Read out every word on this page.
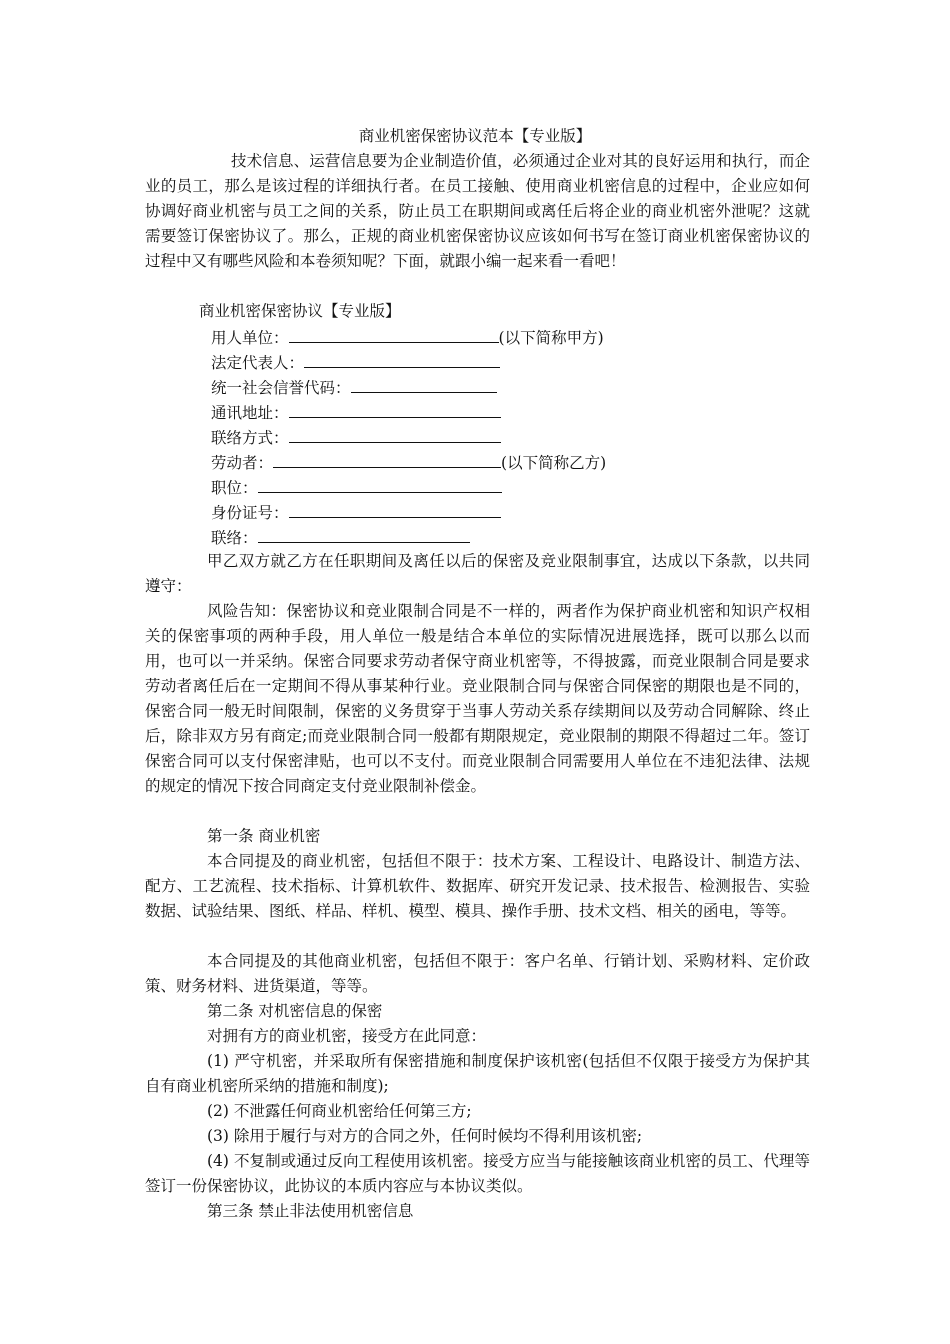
商业机密保密协议范本【专业版】
技术信息、运营信息要为企业制造价值，必须通过企业对其的良好运用和执行，而企业的员工，那么是该过程的详细执行者。在员工接触、使用商业机密信息的过程中，企业应如何协调好商业机密与员工之间的关系，防止员工在职期间或离任后将企业的商业机密外泄呢？这就需要签订保密协议了。那么，正规的商业机密保密协议应该如何书写在签订商业机密保密协议的过程中又有哪些风险和本卷须知呢？下面，就跟小编一起来看一看吧！
商业机密保密协议【专业版】
用人单位：	(以下简称甲方)
法定代表人：
统一社会信誉代码：
通讯地址：
联络方式：
劳动者：	(以下简称乙方)
职位：
身份证号：
联络：
甲乙双方就乙方在任职期间及离任以后的保密及竞业限制事宜，达成以下条款，以共同遵守：
风险告知：保密协议和竞业限制合同是不一样的，两者作为保护商业机密和知识产权相关的保密事项的两种手段，用人单位一般是结合本单位的实际情况进展选择，既可以那么以而用，也可以一并采纳。保密合同要求劳动者保守商业机密等，不得披露，而竞业限制合同是要求劳动者离任后在一定期间不得从事某种行业。竞业限制合同与保密合同保密的期限也是不同的，保密合同一般无时间限制，保密的义务贯穿于当事人劳动关系存续期间以及劳动合同解除、终止后，除非双方另有商定;而竞业限制合同一般都有期限规定，竞业限制的期限不得超过二年。签订保密合同可以支付保密津贴，也可以不支付。而竞业限制合同需要用人单位在不违犯法律、法规的规定的情况下按合同商定支付竞业限制补偿金。
第一条 商业机密
本合同提及的商业机密，包括但不限于：技术方案、工程设计、电路设计、制造方法、配方、工艺流程、技术指标、计算机软件、数据库、研究开发记录、技术报告、检测报告、实验数据、试验结果、图纸、样品、样机、模型、模具、操作手册、技术文档、相关的函电，等等。
本合同提及的其他商业机密，包括但不限于：客户名单、行销计划、采购材料、定价政策、财务材料、进货渠道，等等。
第二条 对机密信息的保密
对拥有方的商业机密，接受方在此同意：
(1) 严守机密，并采取所有保密措施和制度保护该机密(包括但不仅限于接受方为保护其自有商业机密所采纳的措施和制度);
(2) 不泄露任何商业机密给任何第三方;
(3) 除用于履行与对方的合同之外，任何时候均不得利用该机密;
(4) 不复制或通过反向工程使用该机密。接受方应当与能接触该商业机密的员工、代理等签订一份保密协议，此协议的本质内容应与本协议类似。
第三条 禁止非法使用机密信息
